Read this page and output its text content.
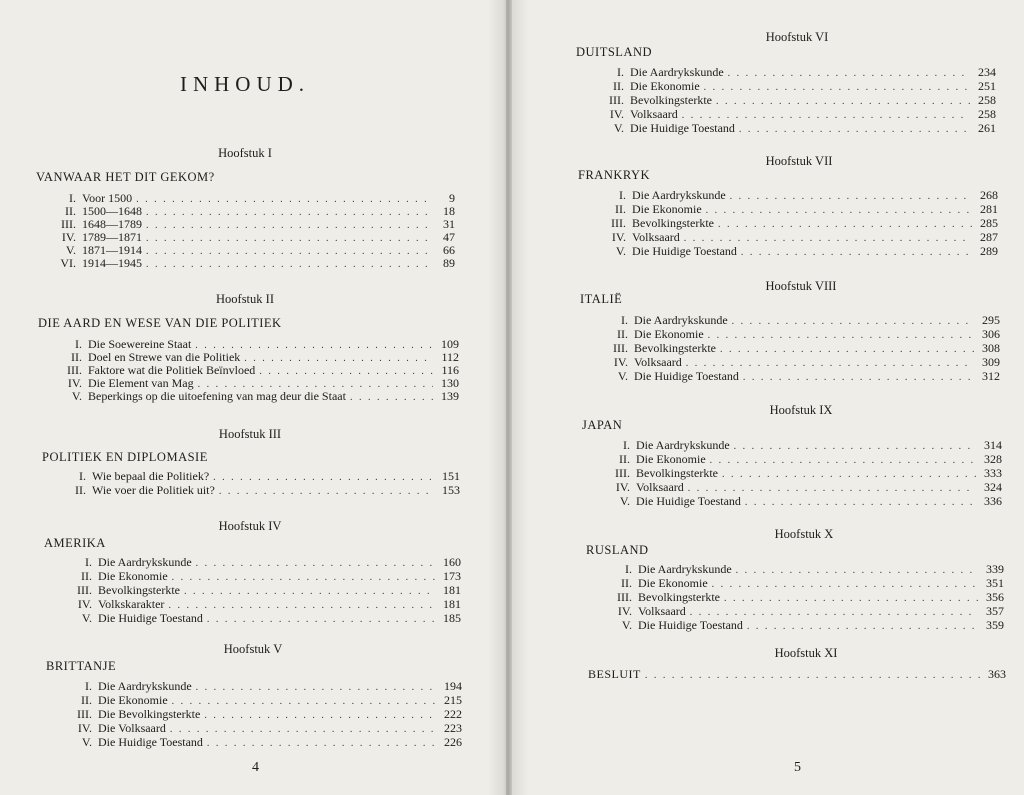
INHOUD.
Hoofstuk I
VANWAAR HET DIT GEKOM?
I. Voor 1500 . . .	9
II. 1500—1648 . . .	18
III. 1648—1789 . . .	31
IV. 1789—1871 . . .	47
V. 1871—1914 . . .	66
VI. 1914—1945 . . .	89
Hoofstuk II
DIE AARD EN WESE VAN DIE POLITIEK
I. Die Soewereine Staat . . .	109
II. Doel en Strewe van die Politiek . . .	112
III. Faktore wat die Politiek Beïnvloed . . .	116
IV. Die Element van Mag . . .	130
V. Beperkings op die uitoefening van mag deur die Staat . . .	139
Hoofstuk III
POLITIEK EN DIPLOMASIE
I. Wie bepaal die Politiek? . . .	151
II. Wie voer die Politiek uit? . . .	153
Hoofstuk IV
AMERIKA
I. Die Aardrykskunde . . .	160
II. Die Ekonomie . . .	173
III. Bevolkingsterkte . . .	181
IV. Volkskarakter . . .	181
V. Die Huidige Toestand . . .	185
Hoofstuk V
BRITTANJE
I. Die Aardrykskunde . . .	194
II. Die Ekonomie . . .	215
III. Die Bevolkingsterkte . . .	222
IV. Die Volksaard . . .	223
V. Die Huidige Toestand . . .	226
4
Hoofstuk VI
DUITSLAND
I. Die Aardrykskunde . . .	234
II. Die Ekonomie . . .	251
III. Bevolkingsterkte . . .	258
IV. Volksaard . . .	258
V. Die Huidige Toestand . . .	261
Hoofstuk VII
FRANKRYK
I. Die Aardrykskunde . . .	268
II. Die Ekonomie . . .	281
III. Bevolkingsterkte . . .	285
IV. Volksaard . . .	287
V. Die Huidige Toestand . . .	289
Hoofstuk VIII
ITALIË
I. Die Aardrykskunde . . .	295
II. Die Ekonomie . . .	306
III. Bevolkingsterkte . . .	308
IV. Volksaard . . .	309
V. Die Huidige Toestand . . .	312
Hoofstuk IX
JAPAN
I. Die Aardrykskunde . . .	314
II. Die Ekonomie . . .	328
III. Bevolkingsterkte . . .	333
IV. Volksaard . . .	324
V. Die Huidige Toestand . . .	336
Hoofstuk X
RUSLAND
I. Die Aardrykskunde . . .	339
II. Die Ekonomie . . .	351
III. Bevolkingsterkte . . .	356
IV. Volksaard . . .	357
V. Die Huidige Toestand . . .	359
Hoofstuk XI
BESLUIT . . .	363
5
